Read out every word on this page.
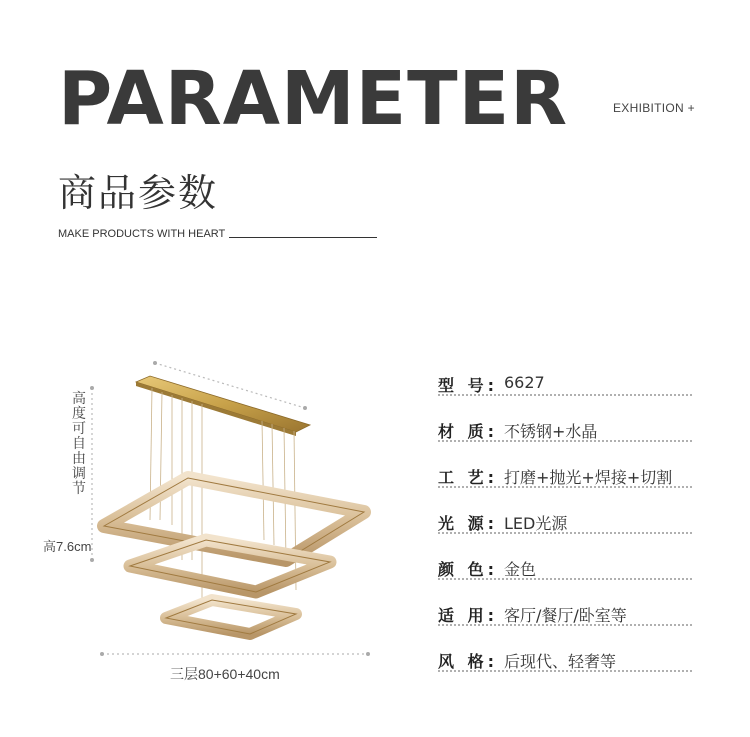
PARAMETER	EXHIBITION +
商品参数
MAKE PRODUCTS WITH HEART
高度可自由调节
高7.6cm
三层80+60+40cm
型 号: 6627
材 质: 不锈钢+水晶
工 艺: 打磨+抛光+焊接+切割
光 源: LED光源
颜 色: 金色
适 用: 客厅/餐厅/卧室等
风 格: 后现代、轻奢等
